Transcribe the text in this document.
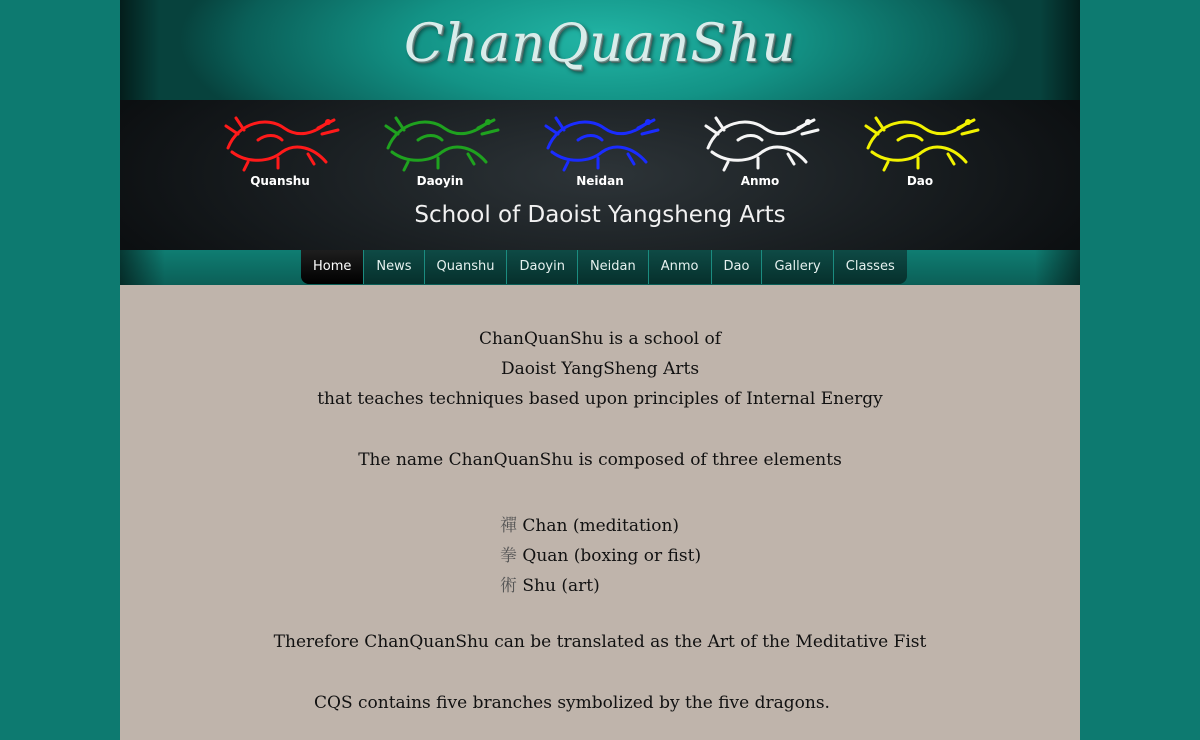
ChanQuanShu
Quanshu	Daoyin	Neidan	Anmo	Dao
School of Daoist Yangsheng Arts
Home	News	Quanshu	Daoyin	Neidan	Anmo	Dao	Gallery	Classes
ChanQuanShu is a school of
Daoist YangSheng Arts
that teaches techniques based upon principles of Internal Energy
The name ChanQuanShu is composed of three elements
禪 Chan (meditation)
拳 Quan (boxing or fist)
術 Shu (art)
Therefore ChanQuanShu can be translated as the Art of the Meditative Fist
CQS contains five branches symbolized by the five dragons.
